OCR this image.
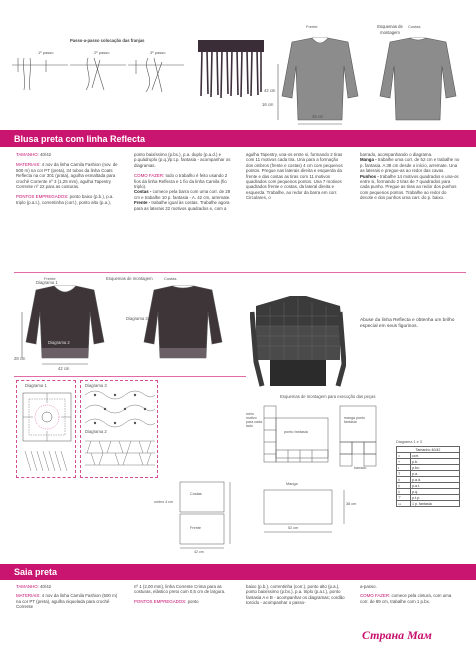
Passo-a-passo colocação das franjas
1º passo	2º passo	3º passo
Esquemas de montagem
Frente	Costas
42 cm
16 cm
38 cm
Blusa preta com linha Reflecta

TAMANHO: 40/42

MATERIAIS: 4 nov da linha Camila Fashion (nov. de 500 m) na cor PT (preta), 34 tubos da linha Coats Reflecta na cor 301 (prata), agulha esmaltada para crochê Corrente nº 3 (1,25 mm), agulha Tapestry Corrente nº 22 para as costuras.

PONTOS EMPREGADOS: ponto baixo (p.b.), p.a. triplo (p.a.t.), correntinha (corr.), ponto alto (p.a.),

ponto baixíssimo (p.bx.), p.a. duplo (p.a.d.) e p.quádruplo (p.q.)/p.t.p. fantasia - acompanhar os diagramas.

COMO FAZER: todo o trabalho é feito usando 2 fios da linha Reflecta e 1 fio da linha Camila (fio triplo).

Costas - comece pela barra com uma corr. de 28 cm e trabalhe 10 p. fantasia - A. 42 cm, arremate.

Frente - trabalhe igual às costas. Trabalhe agora para as laterais 22 motivos quadrados e, com a

agulha Tapestry, una-os entre si, formando 2 tiras com 11 motivos cada tira. Una para a formação dos ombros (frente e costas) 4 cm com pequenos pontos. Pregue nas laterais direita e esquerda da frente e das costas as tiras com 11 motivos quadrados com pequenos pontos. Una 7 motivos quadrados frente e costas, da lateral direita e esquerda. Trabalhe, ao redor da barra em corr. Circulares, o

barrado, acompanhando o diagrama.

Manga - trabalhe uma corr. de 52 cm e trabalhe no p. fantasia. A 38 cm desde o início, arremate. Una as laterais e pregue-as ao redor das cavas.

Punhos - trabalhe 14 motivos quadrados e una-os entre si, formando 2 tiras de 7 quadrados para cada punho. Pregue as tiras ao redor dos punhos com pequenos pontos. Trabalhe ao redor do decote e dos punhos uma carr. do p. baixo.

Esquemas de montagem
Frente	Costas
Diagrama 1
Diagrama 2
Diagrama 3
28 cm
42 cm
Abuse da linha Reflecta e obtenha um brilho especial em seus figurinos.
Diagrama 1	Diagrama 3
Diagrama 2
Esquemas de montagem para execução das peças
meio motivo para cada lado
ponto fantasia
manga ponto fantasia
barrado
Manga
52 cm
38 cm
Costas
Frente
ombro 4 cm
42 cm
Diagrama 1 e 3
Tamanho 40/42	
∘	corr.
+	p.b.
•	p.bx.
T	p.a.
‡	p.a.d.
‡	p.a.t.
‡	p.q.
⊤	p.t.p.
▭	1 p. fantasia
Saia preta

TAMANHO: 40/42

MATERIAIS: 4 nov da linha Camila Fashion (500 m) na cor PT (preta), agulha niquelada para crochê Corrente

nº 1 (2,00 mm), linha Corrente Crima para as costuras, elástico preto com 0,5 cm de largura.

PONTOS EMPREGADOS: ponto

baixo (p.b.), correntinha (corr.), ponto alto (p.a.), ponto baixíssimo (p.bx.), p.a. triplo (p.a.t.), ponto fantasia A e B - acompanhar os diagramas; cordão torcido - acompanhar o passo-

a-passo.

COMO FAZER: comece pela cintura, com uma corr. de 89 cm, trabalhe com 1 p.bx.

Страна Мам
